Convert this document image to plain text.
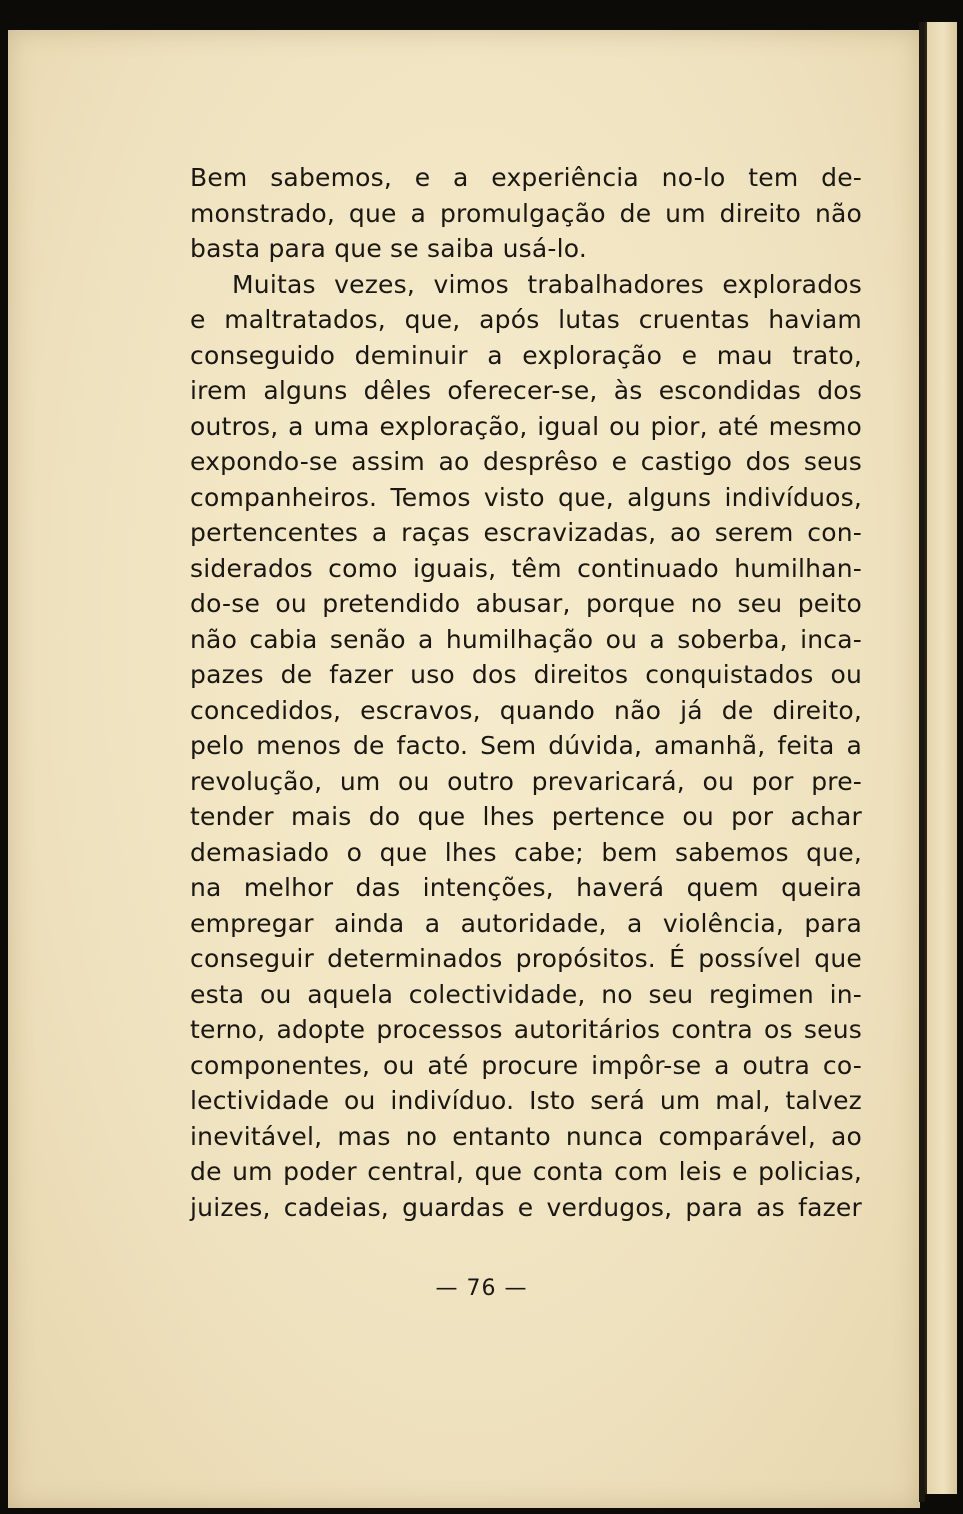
Bem sabemos, e a experiência no-lo tem de-
monstrado, que a promulgação de um direito não
basta para que se saiba usá-lo.
Muitas vezes, vimos trabalhadores explorados
e maltratados, que, após lutas cruentas haviam
conseguido deminuir a exploração e mau trato,
irem alguns dêles oferecer-se, às escondidas dos
outros, a uma exploração, igual ou pior, até mesmo
expondo-se assim ao desprêso e castigo dos seus
companheiros. Temos visto que, alguns indivíduos,
pertencentes a raças escravizadas, ao serem con-
siderados como iguais, têm continuado humilhan-
do-se ou pretendido abusar, porque no seu peito
não cabia senão a humilhação ou a soberba, inca-
pazes de fazer uso dos direitos conquistados ou
concedidos, escravos, quando não já de direito,
pelo menos de facto. Sem dúvida, amanhã, feita a
revolução, um ou outro prevaricará, ou por pre-
tender mais do que lhes pertence ou por achar
demasiado o que lhes cabe; bem sabemos que,
na melhor das intenções, haverá quem queira
empregar ainda a autoridade, a violência, para
conseguir determinados propósitos. É possível que
esta ou aquela colectividade, no seu regimen in-
terno, adopte processos autoritários contra os seus
componentes, ou até procure impôr-se a outra co-
lectividade ou indivíduo. Isto será um mal, talvez
inevitável, mas no entanto nunca comparável, ao
de um poder central, que conta com leis e policias,
juizes, cadeias, guardas e verdugos, para as fazer
— 76 —
